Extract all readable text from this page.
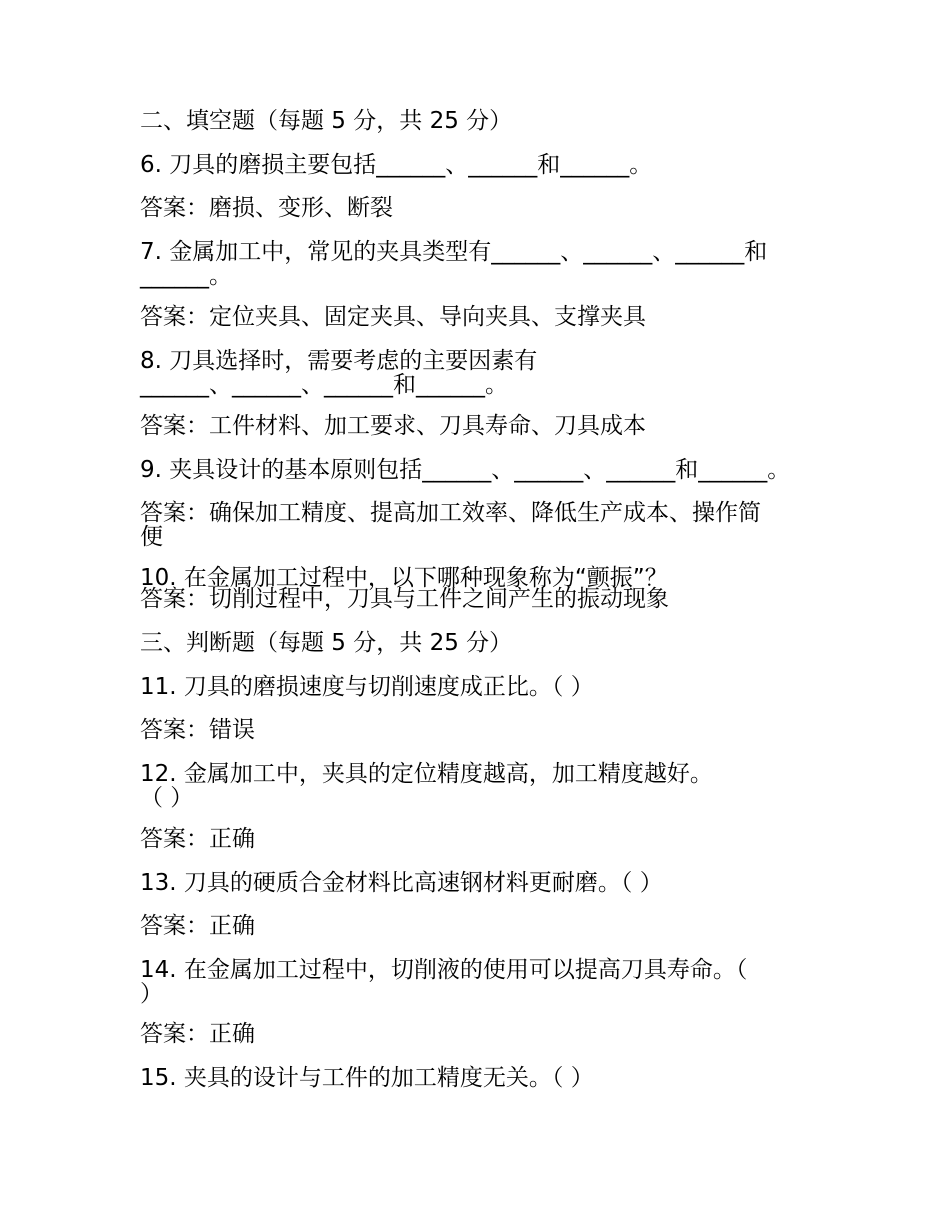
二、填空题（每题 5 分，共 25 分）

6. 刀具的磨损主要包括______、______和______。

答案：磨损、变形、断裂

7. 金属加工中，常见的夹具类型有______、______、______和
______。

答案：定位夹具、固定夹具、导向夹具、支撑夹具

8. 刀具选择时，需要考虑的主要因素有
______、______、______和______。

答案：工件材料、加工要求、刀具寿命、刀具成本

9. 夹具设计的基本原则包括______、______、______和______。

答案：确保加工精度、提高加工效率、降低生产成本、操作简
便

10. 在金属加工过程中，以下哪种现象称为“颤振”？

答案：切削过程中，刀具与工件之间产生的振动现象

三、判断题（每题 5 分，共 25 分）

11. 刀具的磨损速度与切削速度成正比。（ ）

答案：错误

12. 金属加工中，夹具的定位精度越高，加工精度越好。
（ ）

答案：正确

13. 刀具的硬质合金材料比高速钢材料更耐磨。（ ）

答案：正确

14. 在金属加工过程中，切削液的使用可以提高刀具寿命。（
）

答案：正确

15. 夹具的设计与工件的加工精度无关。（ ）
